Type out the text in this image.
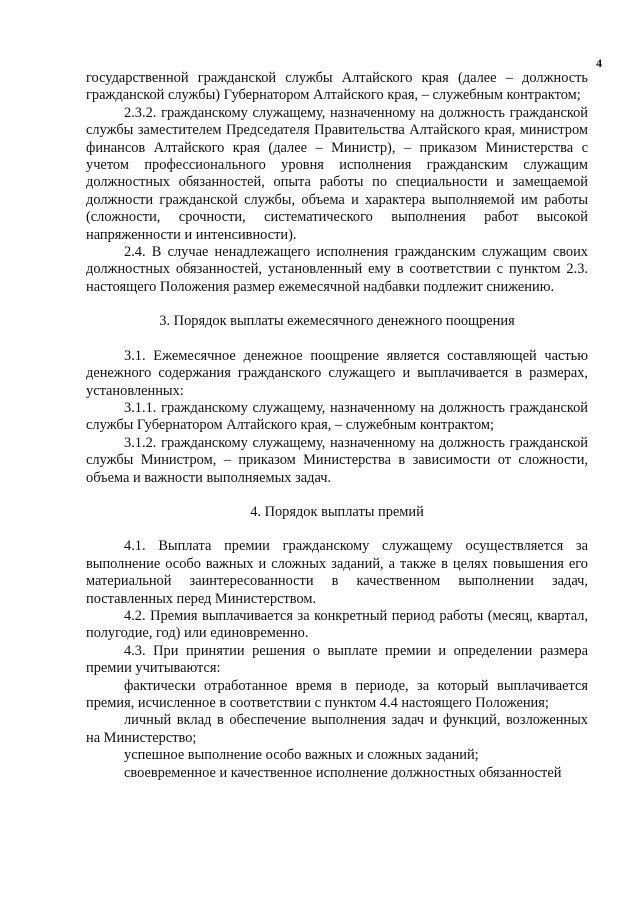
4

государственной гражданской службы Алтайского края (далее – должность гражданской службы) Губернатором Алтайского края, – служебным контрактом;

2.3.2. гражданскому служащему, назначенному на должность гражданской службы заместителем Председателя Правительства Алтайского края, министром финансов Алтайского края (далее – Министр), – приказом Министерства с учетом профессионального уровня исполнения гражданским служащим должностных обязанностей, опыта работы по специальности и замещаемой должности гражданской службы, объема и характера выполняемой им работы (сложности, срочности, систематического выполнения работ высокой напряженности и интенсивности).

2.4. В случае ненадлежащего исполнения гражданским служащим своих должностных обязанностей, установленный ему в соответствии с пунктом 2.3. настоящего Положения размер ежемесячной надбавки подлежит снижению.

3. Порядок выплаты ежемесячного денежного поощрения

3.1. Ежемесячное денежное поощрение является составляющей частью денежного содержания гражданского служащего и выплачивается в размерах, установленных:

3.1.1. гражданскому служащему, назначенному на должность гражданской службы Губернатором Алтайского края, – служебным контрактом;

3.1.2. гражданскому служащему, назначенному на должность гражданской службы Министром, – приказом Министерства в зависимости от сложности, объема и важности выполняемых задач.

4. Порядок выплаты премий

4.1. Выплата премии гражданскому служащему осуществляется за выполнение особо важных и сложных заданий, а также в целях повышения его материальной заинтересованности в качественном выполнении задач, поставленных перед Министерством.

4.2. Премия выплачивается за конкретный период работы (месяц, квартал, полугодие, год) или единовременно.

4.3. При принятии решения о выплате премии и определении размера премии учитываются:

фактически отработанное время в периоде, за который выплачивается премия, исчисленное в соответствии с пунктом 4.4 настоящего Положения;

личный вклад в обеспечение выполнения задач и функций, возложенных на Министерство;

успешное выполнение особо важных и сложных заданий;

своевременное и качественное исполнение должностных обязанностей
